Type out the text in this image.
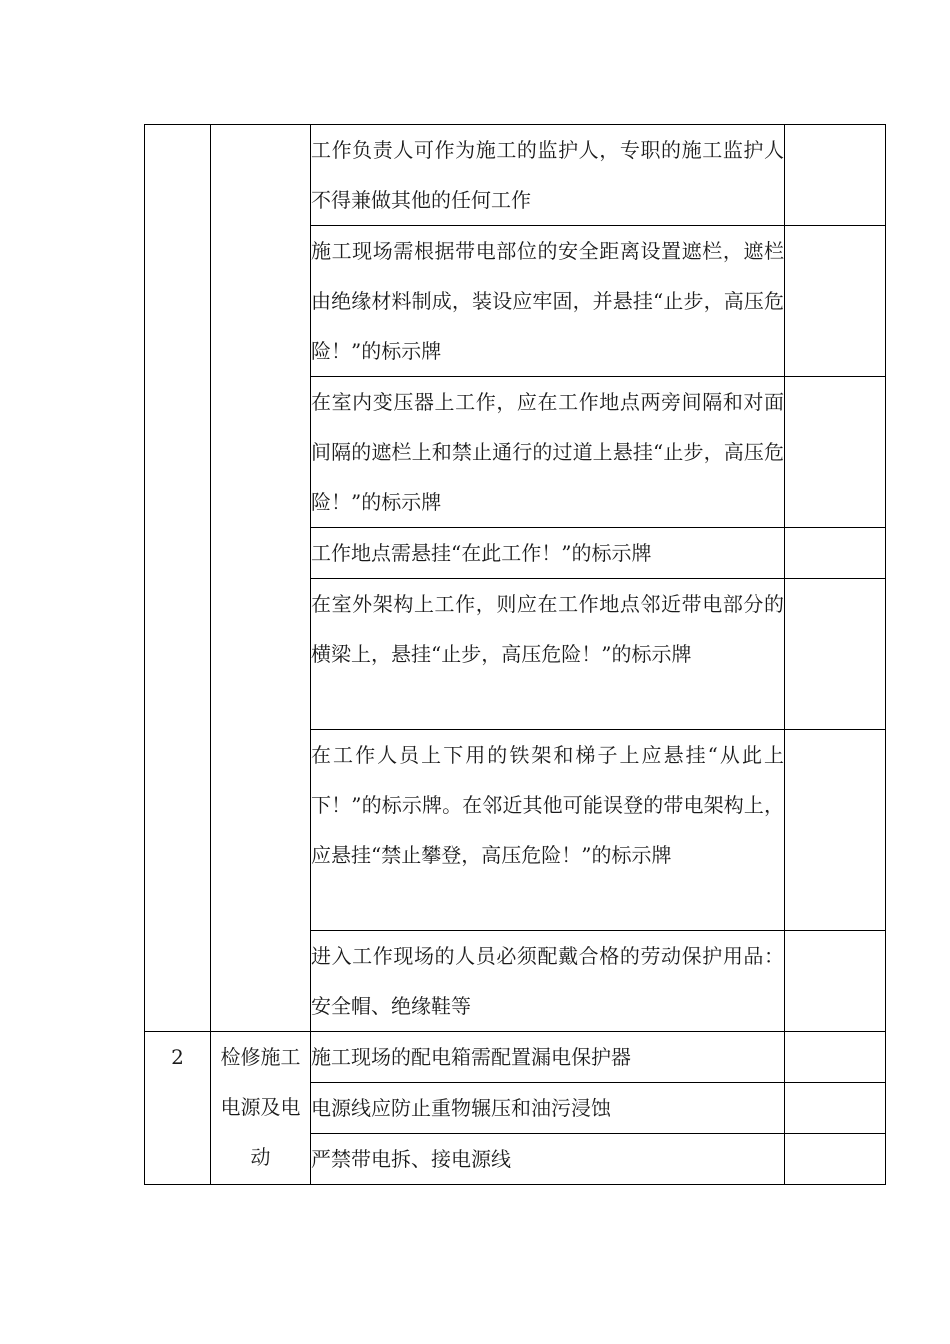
		工作负责人可作为施工的监护人，专职的施工监护人不得兼做其他的任何工作	
		施工现场需根据带电部位的安全距离设置遮栏，遮栏由绝缘材料制成，装设应牢固，并悬挂“止步，高压危险！”的标示牌	
		在室内变压器上工作，应在工作地点两旁间隔和对面间隔的遮栏上和禁止通行的过道上悬挂“止步，高压危险！”的标示牌	
		工作地点需悬挂“在此工作！”的标示牌	
		在室外架构上工作，则应在工作地点邻近带电部分的横梁上，悬挂“止步，高压危险！”的标示牌	
		在工作人员上下用的铁架和梯子上应悬挂“从此上下！”的标示牌。在邻近其他可能误登的带电架构上，应悬挂“禁止攀登，高压危险！”的标示牌	
		进入工作现场的人员必须配戴合格的劳动保护用品：安全帽、绝缘鞋等	
2	检修施工电源及电动	施工现场的配电箱需配置漏电保护器	
		电源线应防止重物辗压和油污浸蚀	
		严禁带电拆、接电源线	
